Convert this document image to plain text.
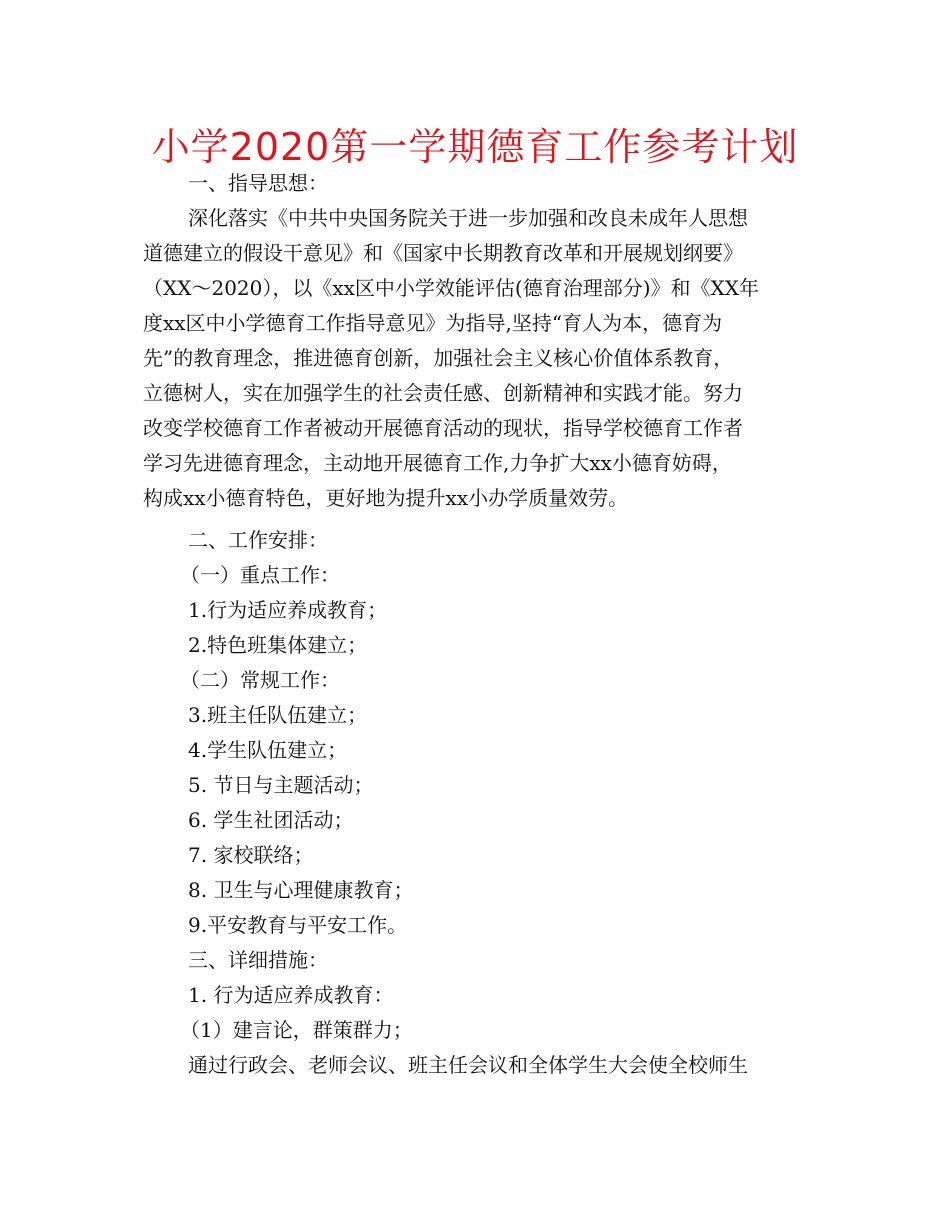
小学2020第一学期德育工作参考计划
一、指导思想：
深化落实《中共中央国务院关于进一步加强和改良未成年人思想
道德建立的假设干意见》和《国家中长期教育改革和开展规划纲要》
（XX～2020），以《xx区中小学效能评估(德育治理部分)》和《XX年
度xx区中小学德育工作指导意见》为指导,坚持“育人为本，德育为
先”的教育理念，推进德育创新，加强社会主义核心价值体系教育，
立德树人，实在加强学生的社会责任感、创新精神和实践才能。努力
改变学校德育工作者被动开展德育活动的现状，指导学校德育工作者
学习先进德育理念，主动地开展德育工作,力争扩大xx小德育妨碍，
构成xx小德育特色，更好地为提升xx小办学质量效劳。
二、工作安排：
（一）重点工作：
1.行为适应养成教育；
2.特色班集体建立；
（二）常规工作：
3.班主任队伍建立；
4.学生队伍建立；
5. 节日与主题活动；
6. 学生社团活动；
7. 家校联络；
8. 卫生与心理健康教育；
9.平安教育与平安工作。
三、详细措施：
1. 行为适应养成教育：
（1）建言论，群策群力；
通过行政会、老师会议、班主任会议和全体学生大会使全校师生
